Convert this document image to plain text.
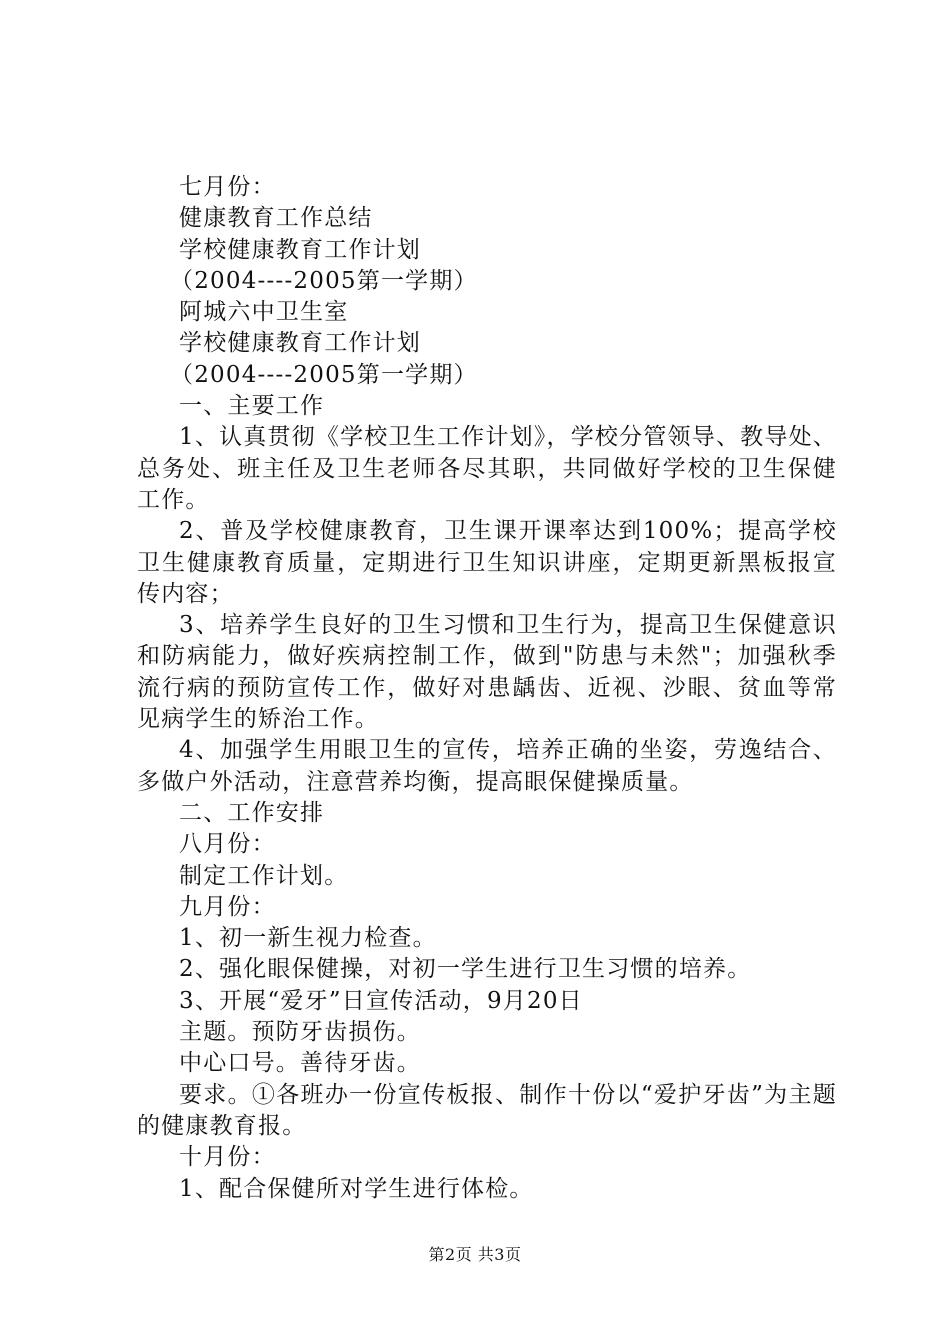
七月份：

健康教育工作总结

学校健康教育工作计划

（2004----2005第一学期）

阿城六中卫生室

学校健康教育工作计划

（2004----2005第一学期）

一、主要工作

1、认真贯彻《学校卫生工作计划》，学校分管领导、教导处、总务处、班主任及卫生老师各尽其职，共同做好学校的卫生保健工作。

2、普及学校健康教育，卫生课开课率达到100%；提高学校卫生健康教育质量，定期进行卫生知识讲座，定期更新黑板报宣传内容；

3、培养学生良好的卫生习惯和卫生行为，提高卫生保健意识和防病能力，做好疾病控制工作，做到"防患与未然"；加强秋季流行病的预防宣传工作，做好对患龋齿、近视、沙眼、贫血等常见病学生的矫治工作。

4、加强学生用眼卫生的宣传，培养正确的坐姿，劳逸结合、多做户外活动，注意营养均衡，提高眼保健操质量。

二、工作安排

八月份：

制定工作计划。

九月份：

1、初一新生视力检查。

2、强化眼保健操，对初一学生进行卫生习惯的培养。

3、开展“爱牙”日宣传活动，9月20日

主题。预防牙齿损伤。

中心口号。善待牙齿。

要求。①各班办一份宣传板报、制作十份以“爱护牙齿”为主题的健康教育报。

十月份：

1、配合保健所对学生进行体检。

第2页 共3页
